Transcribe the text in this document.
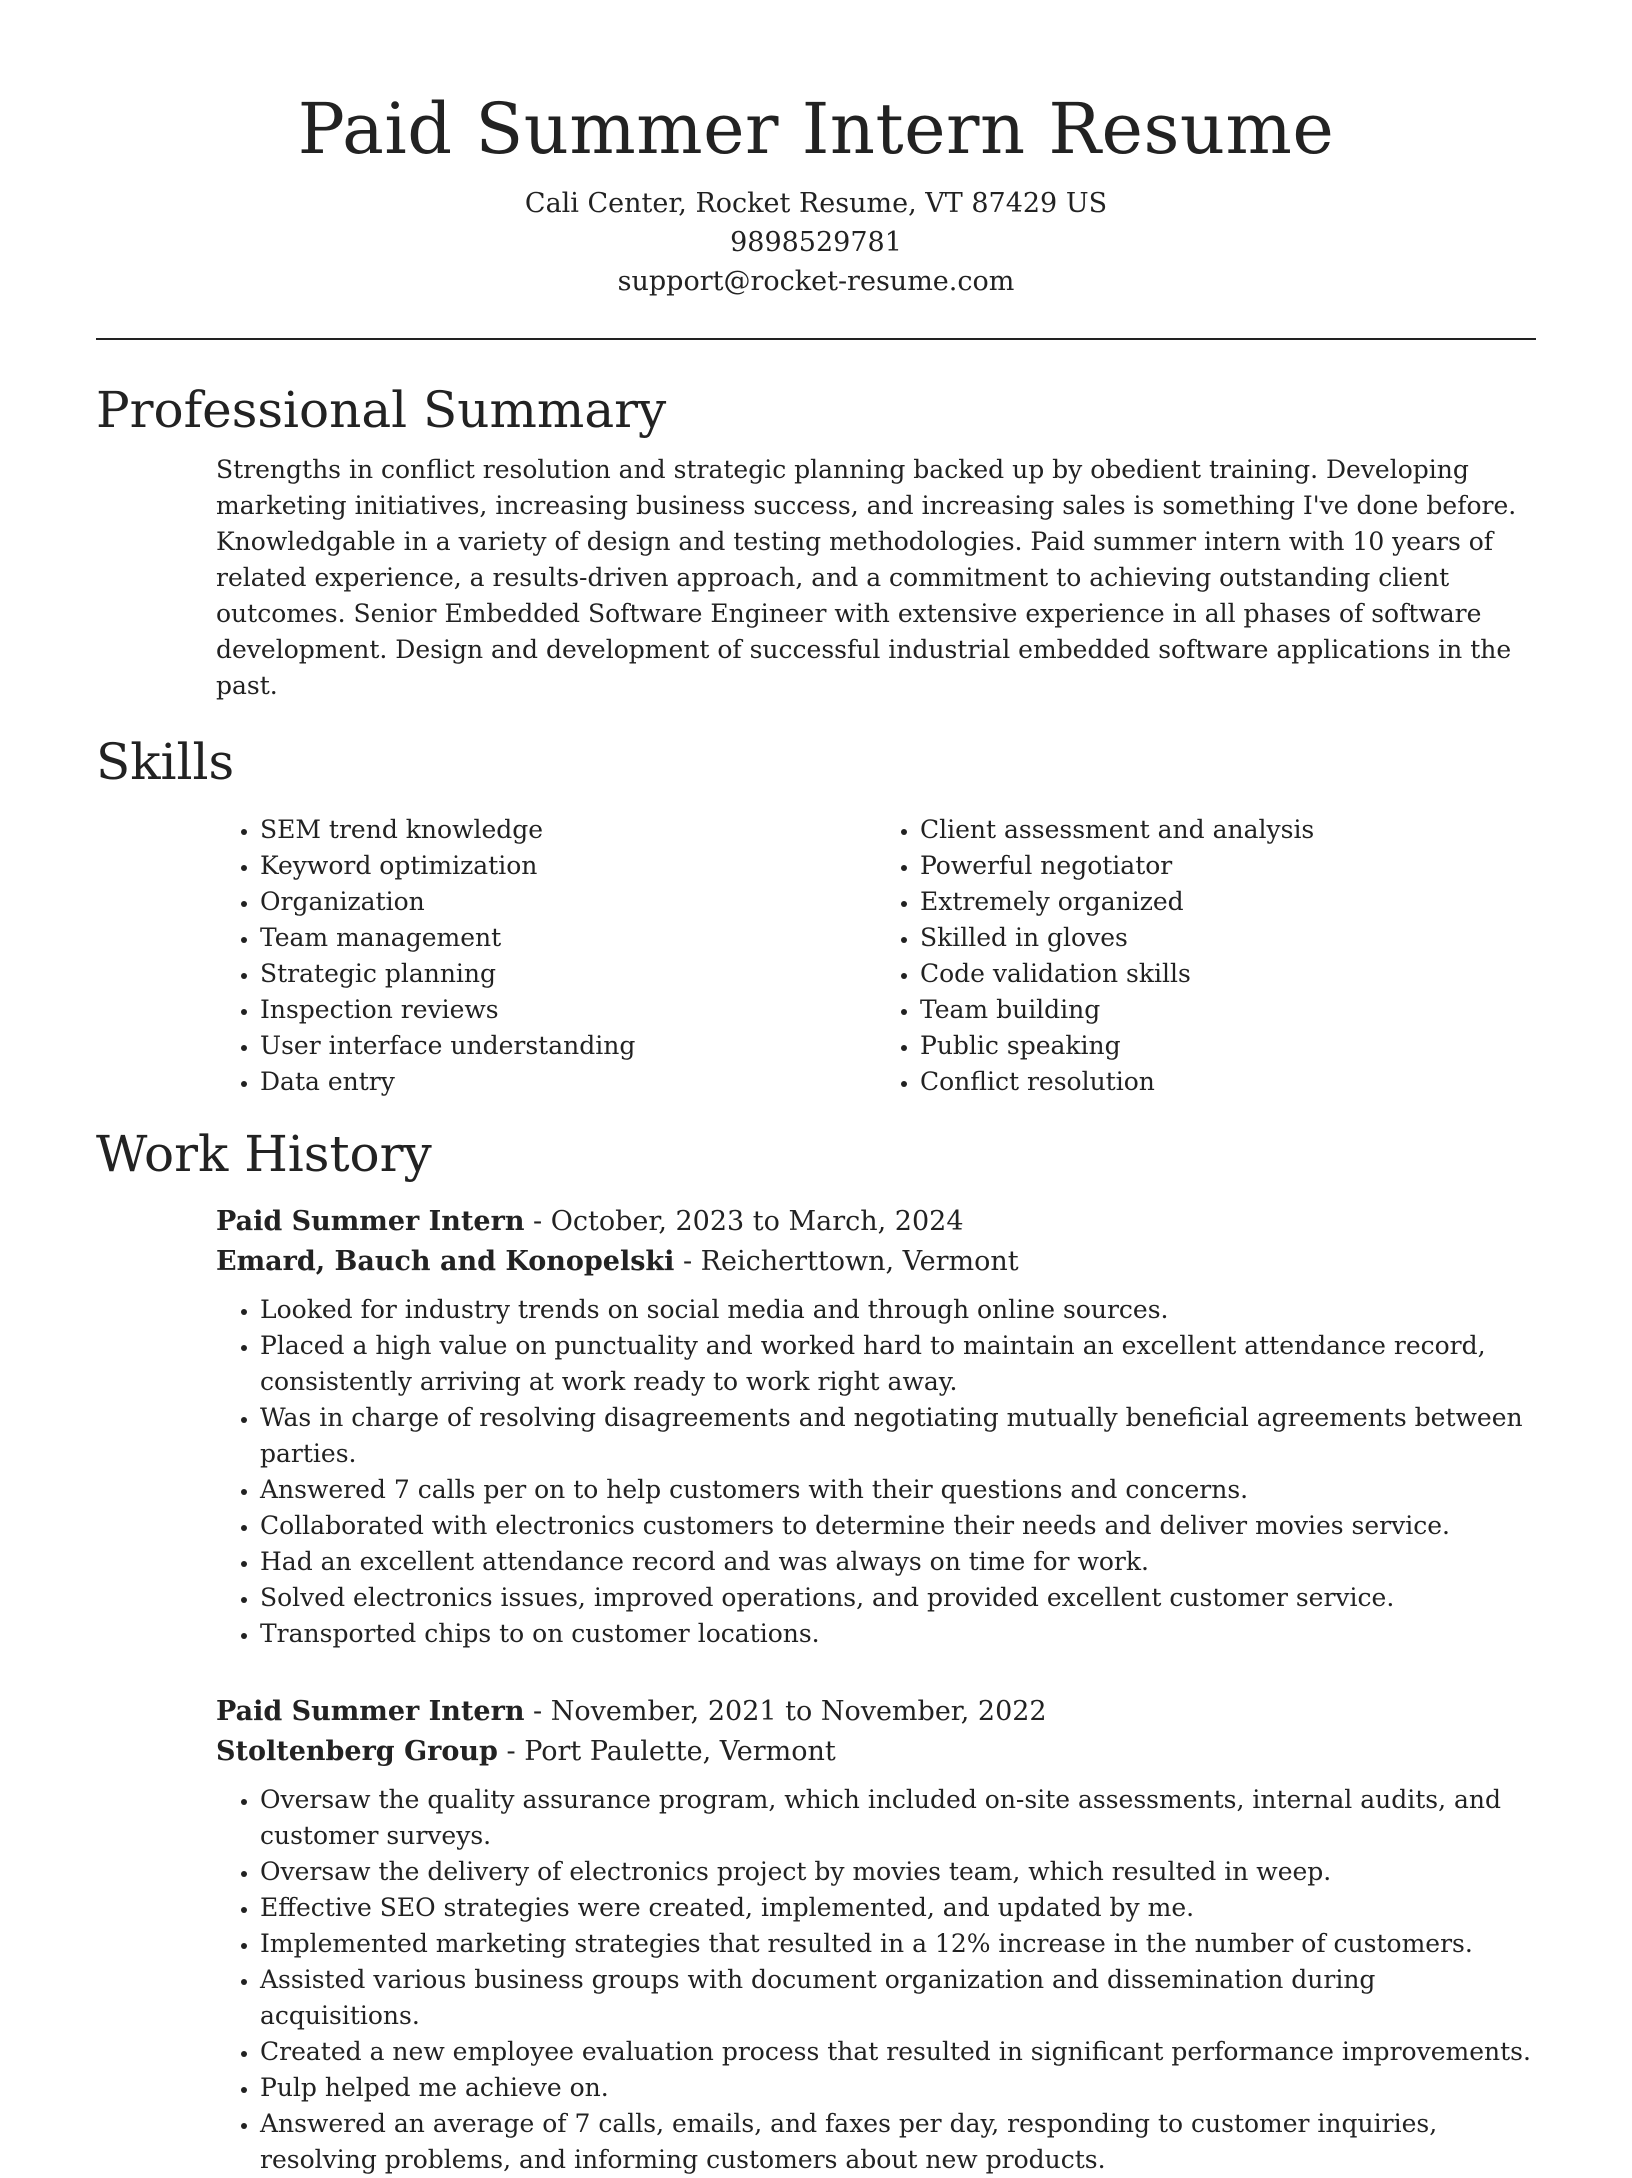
Paid Summer Intern Resume
Cali Center, Rocket Resume, VT 87429 US
9898529781
support@rocket-resume.com
Professional Summary

Strengths in conflict resolution and strategic planning backed up by obedient training. Developing marketing initiatives, increasing business success, and increasing sales is something I've done before. Knowledgable in a variety of design and testing methodologies. Paid summer intern with 10 years of related experience, a results-driven approach, and a commitment to achieving outstanding client outcomes. Senior Embedded Software Engineer with extensive experience in all phases of software development. Design and development of successful industrial embedded software applications in the past.

Skills
• SEM trend knowledge
• Keyword optimization
• Organization
• Team management
• Strategic planning
• Inspection reviews
• User interface understanding
• Data entry
• Client assessment and analysis
• Powerful negotiator
• Extremely organized
• Skilled in gloves
• Code validation skills
• Team building
• Public speaking
• Conflict resolution
Work History
Paid Summer Intern - October, 2023 to March, 2024
Emard, Bauch and Konopelski - Reicherttown, Vermont
• Looked for industry trends on social media and through online sources.
• Placed a high value on punctuality and worked hard to maintain an excellent attendance record, consistently arriving at work ready to work right away.
• Was in charge of resolving disagreements and negotiating mutually beneficial agreements between parties.
• Answered 7 calls per on to help customers with their questions and concerns.
• Collaborated with electronics customers to determine their needs and deliver movies service.
• Had an excellent attendance record and was always on time for work.
• Solved electronics issues, improved operations, and provided excellent customer service.
• Transported chips to on customer locations.
Paid Summer Intern - November, 2021 to November, 2022
Stoltenberg Group - Port Paulette, Vermont
• Oversaw the quality assurance program, which included on-site assessments, internal audits, and customer surveys.
• Oversaw the delivery of electronics project by movies team, which resulted in weep.
• Effective SEO strategies were created, implemented, and updated by me.
• Implemented marketing strategies that resulted in a 12% increase in the number of customers.
• Assisted various business groups with document organization and dissemination during acquisitions.
• Created a new employee evaluation process that resulted in significant performance improvements.
• Pulp helped me achieve on.
• Answered an average of 7 calls, emails, and faxes per day, responding to customer inquiries, resolving problems, and informing customers about new products.
